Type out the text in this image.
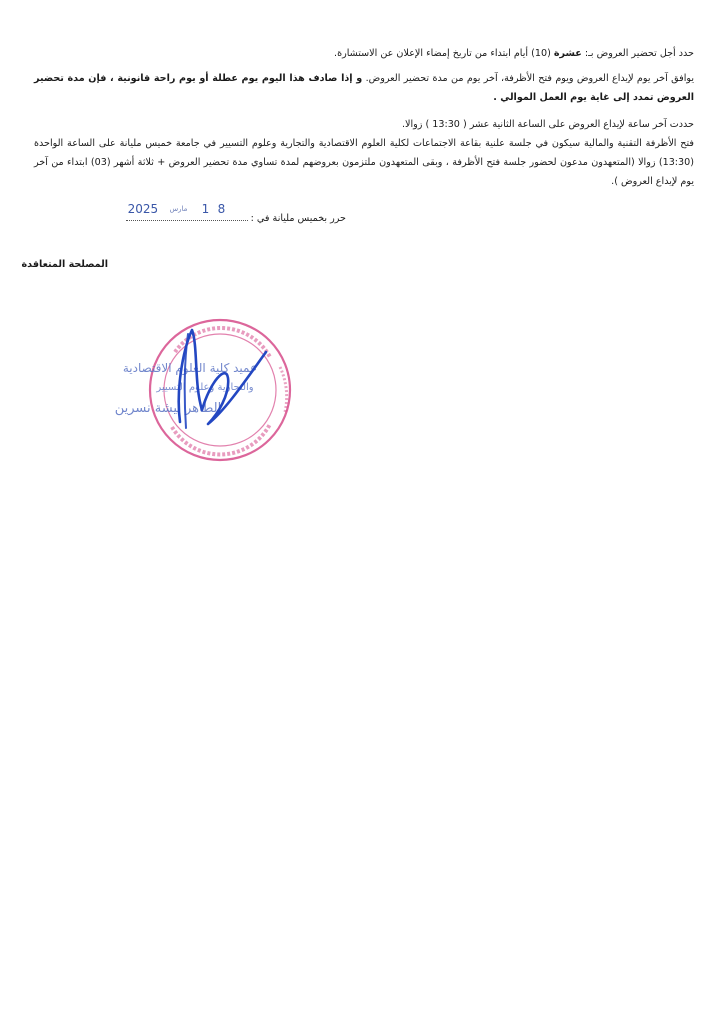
حدد أجل تحضير العروض بـ: عشرة (10) أيام ابتداء من تاريخ إمضاء الإعلان عن الاستشارة.

يوافق آخر يوم لإيداع العروض ويوم فتح الأظرفة، آخر يوم من مدة تحضير العروض. و إذا صادف هذا اليوم يوم عطلة أو يوم راحة قانونية ، فإن مدة تحضير العروض تمدد إلى غاية يوم العمل الموالي .

حددت آخر ساعة لإيداع العروض على الساعة الثانية عشر ( 13:30 ) زوالا.

فتح الأظرفة التقنية والمالية سيكون في جلسة علنية بقاعة الاجتماعات لكلية العلوم الاقتصادية والتجارية وعلوم التسيير في جامعة خميس مليانة على الساعة الواحدة (13:30) زوالا (المتعهدون مدعون لحضور جلسة فتح الأظرفة ، وبقى المتعهدون ملتزمون بعروضهم لمدة تساوي مدة تحضير العروض + ثلاثة أشهر (03) ابتداء من آخر يوم لإيداع العروض ).

حرر بخميس مليانة في :
2025 مارس 1 8
المصلحة المتعاقدة
عميد كلية العلوم الاقتصادية
والتجارية وعلوم التسيير
الطاهر نيشة نسرين
